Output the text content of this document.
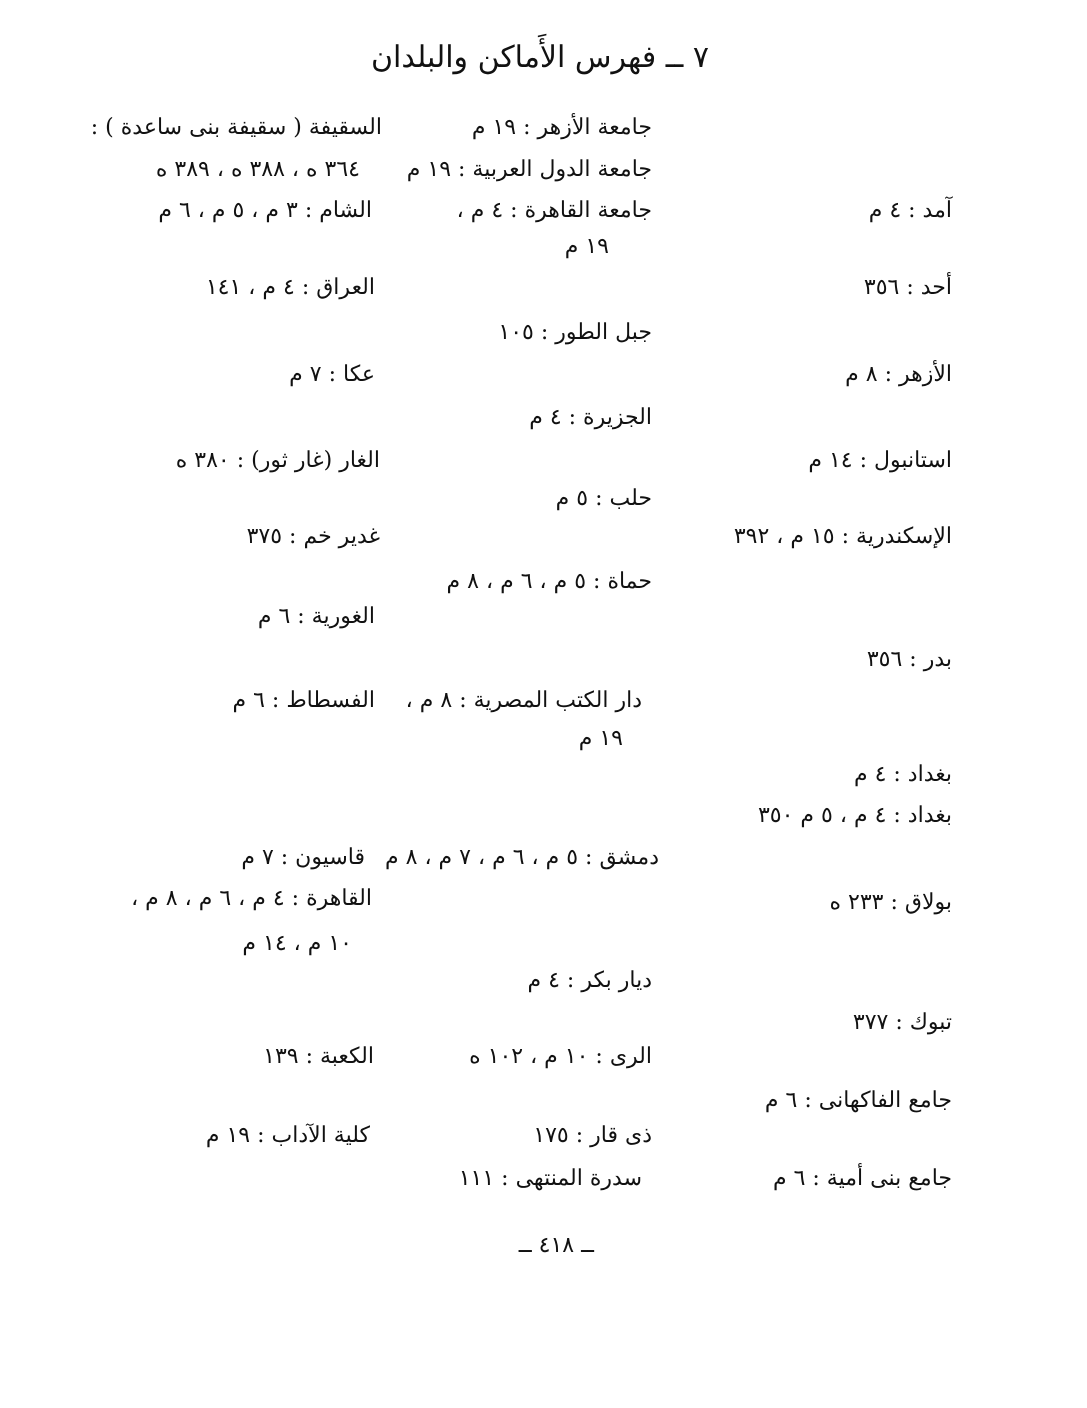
٧ ــ فهرس الأَماكن والبلدان
آمد : ٤ م
أحد : ٣٥٦
الأزهر : ٨ م
استانبول : ١٤ م
الإسكندرية : ١٥ م ، ٣٩٢
بدر : ٣٥٦
بغداد : ٤ م
بغداد : ٤ م ، ٥ م ٣٥٠
بولاق : ٢٣٣ ه
تبوك : ٣٧٧
جامع الفاكهانى : ٦ م
جامع بنى أمية : ٦ م
جامعة الأزهر : ١٩ م
جامعة الدول العربية : ١٩ م
جامعة القاهرة : ٤ م ،
١٩ م
جبل الطور : ١٠٥
الجزيرة : ٤ م
حلب : ٥ م
حماة : ٥ م ، ٦ م ، ٨ م
دار الكتب المصرية : ٨ م ،
١٩ م
دمشق : ٥ م ، ٦ م ، ٧ م ، ٨ م
ديار بكر : ٤ م
الرى : ١٠ م ، ١٠٢ ه
ذى قار : ١٧٥
سدرة المنتهى : ١١١
السقيفة ( سقيفة بنى ساعدة ) :
٣٦٤ ه ، ٣٨٨ ه ، ٣٨٩ ه
الشام : ٣ م ، ٥ م ، ٦ م
العراق : ٤ م ، ١٤١
عكا : ٧ م
الغار (غار ثور) : ٣٨٠ ه
غدير خم : ٣٧٥
الغورية : ٦ م
الفسطاط : ٦ م
قاسيون : ٧ م
القاهرة : ٤ م ، ٦ م ، ٨ م ،
١٠ م ، ١٤ م
الكعبة : ١٣٩
كلية الآداب : ١٩ م
ــ ٤١٨ ــ
